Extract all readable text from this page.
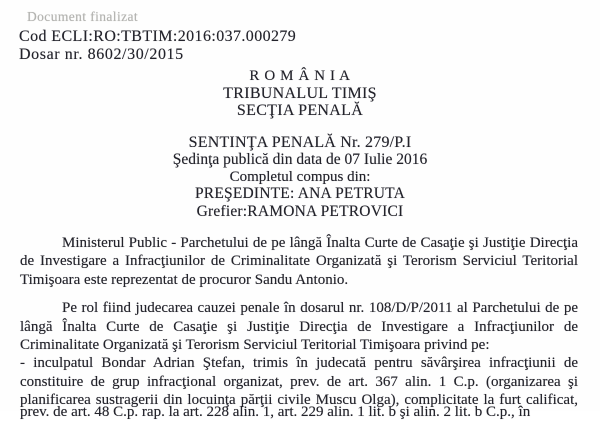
Document finalizat
Cod ECLI:RO:TBTIM:2016:037.000279
Dosar nr. 8602/30/2015
R O M Â N I A
TRIBUNALUL TIMIŞ
SECŢIA PENALĂ
SENTINŢA PENALĂ Nr. 279/P.I
Şedinţa publică din data de 07 Iulie 2016
Completul compus din:
PREŞEDINTE: ANA PETRUTA
Grefier:RAMONA PETROVICI
Ministerul Public - Parchetului de pe lângă Înalta Curte de Casaţie şi Justiţie Direcţia
de Investigare a Infracţiunilor de Criminalitate Organizată şi Terorism Serviciul Teritorial
Timişoara este reprezentat de procuror Sandu Antonio.
Pe rol fiind judecarea cauzei penale în dosarul nr. 108/D/P/2011 al Parchetului de pe
lângă Înalta Curte de Casaţie şi Justiţie Direcţia de Investigare a Infracţiunilor de
Criminalitate Organizată şi Terorism Serviciul Teritorial Timişoara privind pe:
- inculpatul Bondar Adrian Ştefan, trimis în judecată pentru săvârşirea infracţiunii de
constituire de grup infracţional organizat, prev. de art. 367 alin. 1 C.p. (organizarea şi
planificarea sustragerii din locuinţa părţii civile Muscu Olga), complicitate la furt calificat,
prev. de art. 48 C.p. rap. la art. 228 alin. 1, art. 229 alin. 1 lit. b şi alin. 2 lit. b C.p., în
